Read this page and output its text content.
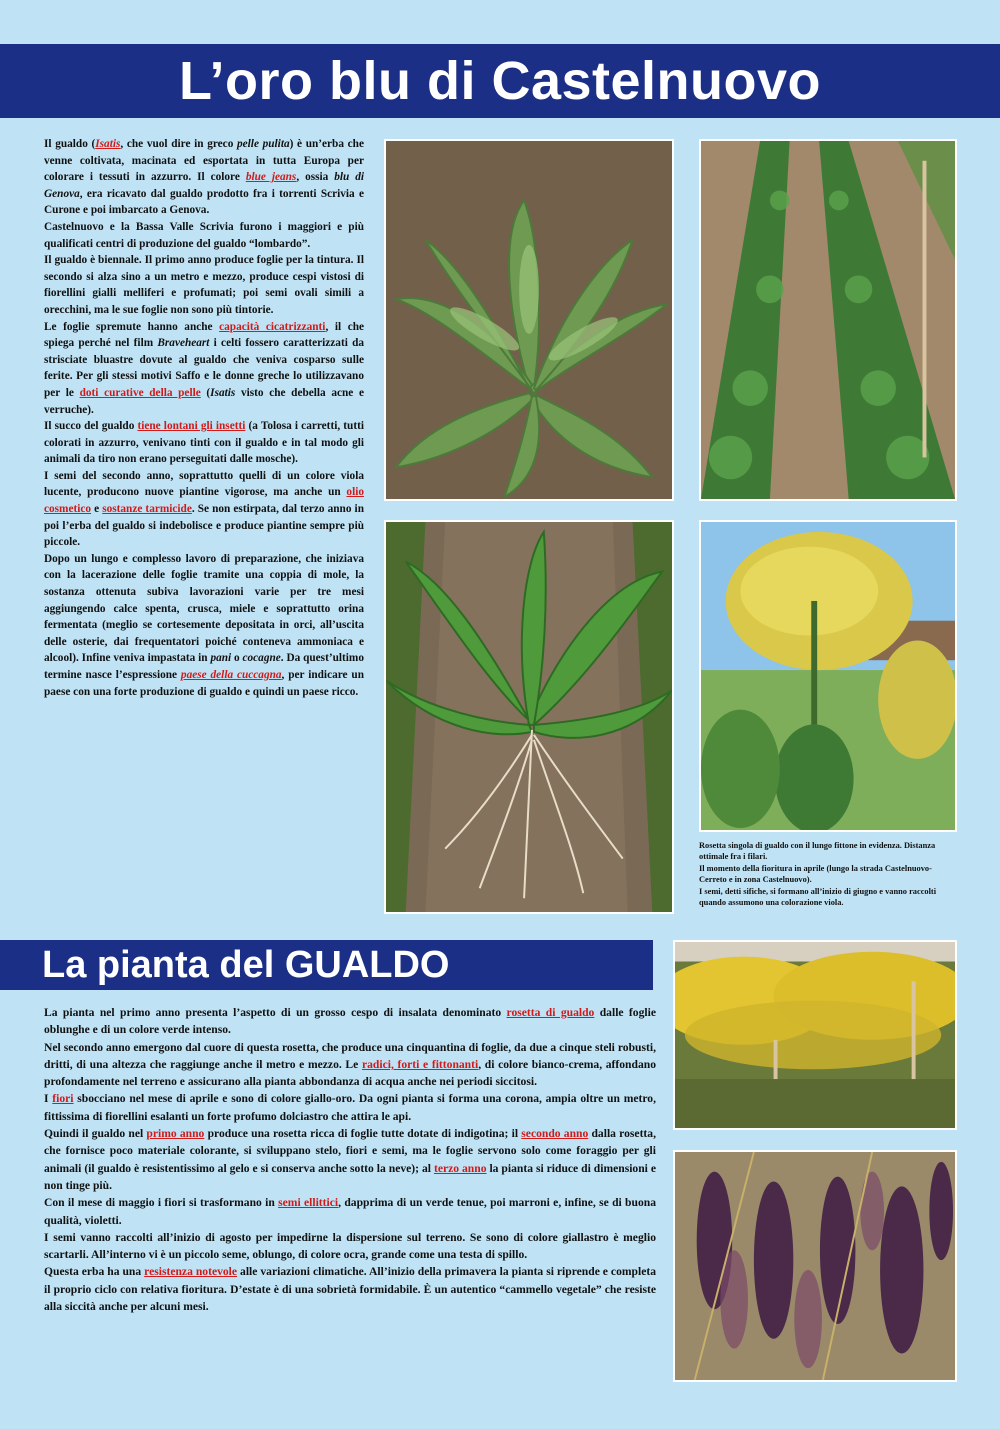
L’oro blu di Castelnuovo

Il gualdo (Isatis, che vuol dire in greco pelle pulita) è un’erba che venne coltivata, macinata ed esportata in tutta Europa per colorare i tessuti in azzurro. Il colore blue jeans, ossia blu di Genova, era ricavato dal gualdo prodotto fra i torrenti Scrivia e Curone e poi imbarcato a Genova.

Castelnuovo e la Bassa Valle Scrivia furono i maggiori e più qualificati centri di produzione del gualdo “lombardo”.

Il gualdo è biennale. Il primo anno produce foglie per la tintura. Il secondo si alza sino a un metro e mezzo, produce cespi vistosi di fiorellini gialli melliferi e profumati; poi semi ovali simili a orecchini, ma le sue foglie non sono più tintorie.

Le foglie spremute hanno anche capacità cicatrizzanti, il che spiega perché nel film Braveheart i celti fossero caratterizzati da strisciate bluastre dovute al gualdo che veniva cosparso sulle ferite. Per gli stessi motivi Saffo e le donne greche lo utilizzavano per le doti curative della pelle (Isatis visto che debella acne e verruche).

Il succo del gualdo tiene lontani gli insetti (a Tolosa i carretti, tutti colorati in azzurro, venivano tinti con il gualdo e in tal modo gli animali da tiro non erano perseguitati dalle mosche).

I semi del secondo anno, soprattutto quelli di un colore viola lucente, producono nuove piantine vigorose, ma anche un olio cosmetico e sostanze tarmicide. Se non estirpata, dal terzo anno in poi l’erba del gualdo si indebolisce e produce piantine sempre più piccole.

Dopo un lungo e complesso lavoro di preparazione, che iniziava con la lacerazione delle foglie tramite una coppia di mole, la sostanza ottenuta subiva lavorazioni varie per tre mesi aggiungendo calce spenta, crusca, miele e soprattutto orina fermentata (meglio se cortesemente depositata in orci, all’uscita delle osterie, dai frequentatori poiché conteneva ammoniaca e alcool). Infine veniva impastata in pani o cocagne. Da quest’ultimo termine nasce l’espressione paese della cuccagna, per indicare un paese con una forte produzione di gualdo e quindi un paese ricco.

Rosetta singola di gualdo con il lungo fittone in evidenza. Distanza ottimale fra i filari.

Il momento della fioritura in aprile (lungo la strada Castelnuovo-Cerreto e in zona Castelnuovo).

I semi, detti sifiche, si formano all’inizio di giugno e vanno raccolti quando assumono una colorazione viola.

La pianta del GUALDO

La pianta nel primo anno presenta l’aspetto di un grosso cespo di insalata denominato rosetta di gualdo dalle foglie oblunghe e di un colore verde intenso.

Nel secondo anno emergono dal cuore di questa rosetta, che produce una cinquantina di foglie, da due a cinque steli robusti, dritti, di una altezza che raggiunge anche il metro e mezzo. Le radici, forti e fittonanti, di colore bianco-crema, affondano profondamente nel terreno e assicurano alla pianta abbondanza di acqua anche nei periodi siccitosi.

I fiori sbocciano nel mese di aprile e sono di colore giallo-oro. Da ogni pianta si forma una corona, ampia oltre un metro, fittissima di fiorellini esalanti un forte profumo dolciastro che attira le api.

Quindi il gualdo nel primo anno produce una rosetta ricca di foglie tutte dotate di indigotina; il secondo anno dalla rosetta, che fornisce poco materiale colorante, si sviluppano stelo, fiori e semi, ma le foglie servono solo come foraggio per gli animali (il gualdo è resistentissimo al gelo e si conserva anche sotto la neve); al terzo anno la pianta si riduce di dimensioni e non tinge più.

Con il mese di maggio i fiori si trasformano in semi ellittici, dapprima di un verde tenue, poi marroni e, infine, se di buona qualità, violetti.

I semi vanno raccolti all’inizio di agosto per impedirne la dispersione sul terreno. Se sono di colore giallastro è meglio scartarli. All’interno vi è un piccolo seme, oblungo, di colore ocra, grande come una testa di spillo.

Questa erba ha una resistenza notevole alle variazioni climatiche. All’inizio della primavera la pianta si riprende e completa il proprio ciclo con relativa fioritura. D’estate è di una sobrietà formidabile. È un autentico “cammello vegetale” che resiste alla siccità anche per alcuni mesi.
